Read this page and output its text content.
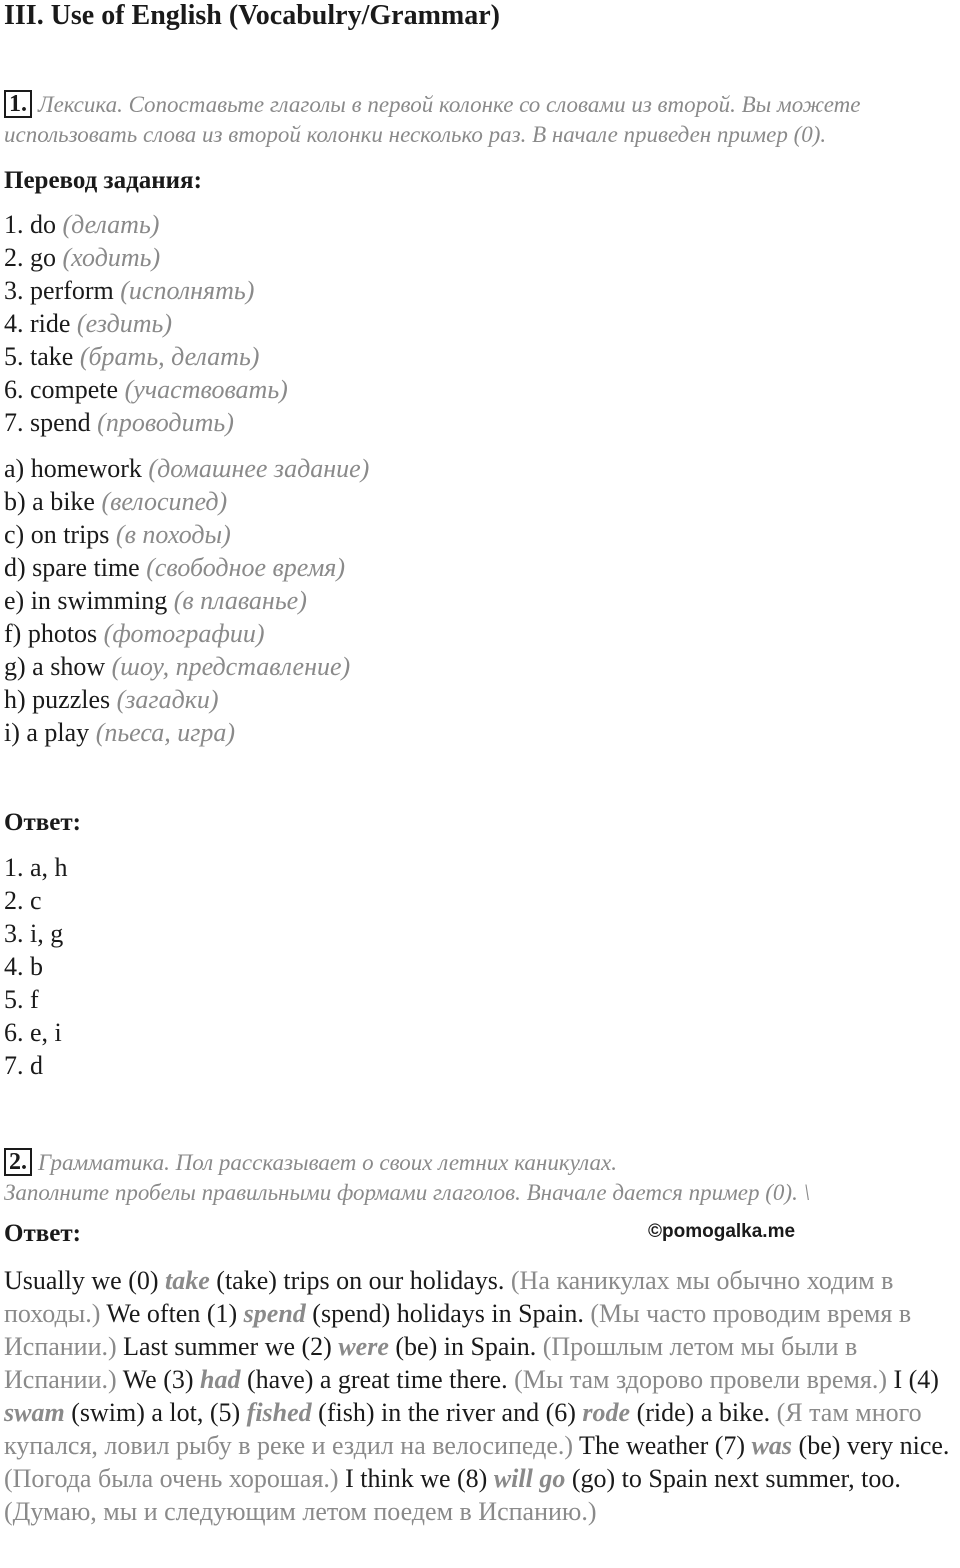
III. Use of English (Vocabulry/Grammar)
1. Лексика. Сопоставьте глаголы в первой колонке со словами из второй. Вы можете
использовать слова из второй колонки несколько раз. В начале приведен пример (0).
Перевод задания:
1. do (делать)
2. go (ходить)
3. perform (исполнять)
4. ride (ездить)
5. take (брать, делать)
6. compete (участвовать)
7. spend (проводить)
a) homework (домашнее задание)
b) a bike (велосипед)
c) on trips (в походы)
d) spare time (свободное время)
e) in swimming (в плаванье)
f) photos (фотографии)
g) a show (шоу, представление)
h) puzzles (загадки)
i) a play (пьеса, игра)
Ответ:
1. a, h
2. c
3. i, g
4. b
5. f
6. e, i
7. d
2. Грамматика. Пол рассказывает о своих летних каникулах.
Заполните пробелы правильными формами глаголов. Вначале дается пример (0). \
Ответ:	©pomogalka.me
Usually we (0) take (take) trips on our holidays. (На каникулах мы обычно ходим в походы.) We often (1) spend (spend) holidays in Spain. (Мы часто проводим время в Испании.) Last summer we (2) were (be) in Spain. (Прошлым летом мы были в Испании.) We (3) had (have) a great time there. (Мы там здорово провели время.) I (4) swam (swim) a lot, (5) fished (fish) in the river and (6) rode (ride) a bike. (Я там много купался, ловил рыбу в реке и ездил на велосипеде.) The weather (7) was (be) very nice. (Погода была очень хорошая.) I think we (8) will go (go) to Spain next summer, too. (Думаю, мы и следующим летом поедем в Испанию.)
